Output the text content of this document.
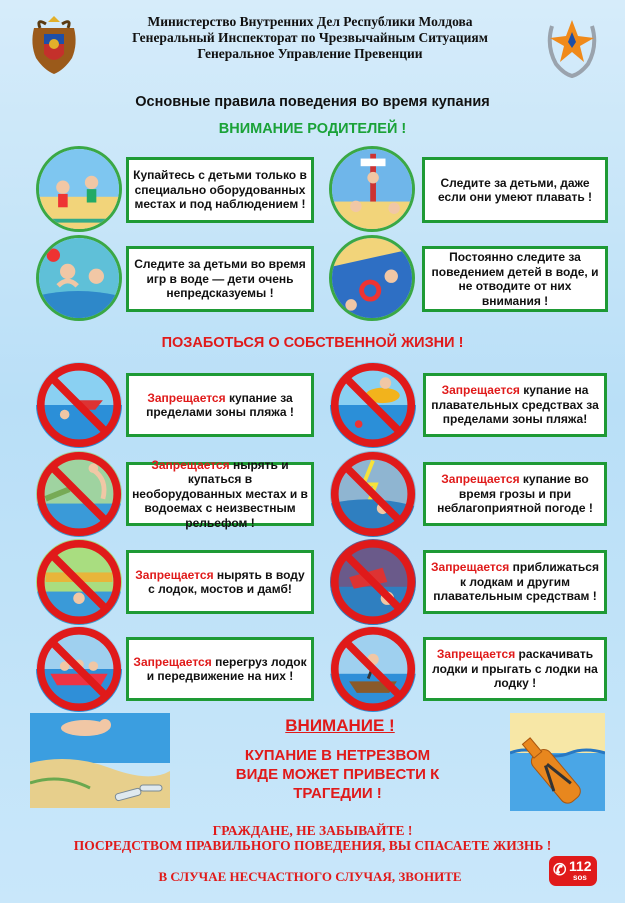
Министерство Внутренних Дел Республики Молдова
Генеральный Инспекторат по Чрезвычайным Ситуациям
Генеральное Управление Превенции
Основные правила поведения во время купания
ВНИМАНИЕ РОДИТЕЛЕЙ !
Купайтесь с детьми только в специально оборудованных местах и под наблюдением !
Следите за детьми, даже если они умеют плавать !
Следите за детьми во время игр в воде — дети очень непредсказуемы !
Постоянно следите за поведением детей в воде, и не отводите от них внимания !
ПОЗАБОТЬСЯ О СОБСТВЕННОЙ ЖИЗНИ !
Запрещается купание за пределами зоны пляжа !
Запрещается купание на плавательных средствах за пределами зоны пляжа!
Запрещается нырять и купаться в необорудованных местах и в водоемах с неизвестным рельефом !
Запрещается купание во время грозы и при неблагоприятной погоде !
Запрещается нырять в воду с лодок, мостов и дамб!
Запрещается приближаться к лодкам и другим плавательным средствам !
Запрещается перегруз лодок и передвижение на них !
Запрещается раскачивать лодки и прыгать с лодки на лодку !
ВНИМАНИЕ !
КУПАНИЕ В НЕТРЕЗВОМ ВИДЕ МОЖЕТ ПРИВЕСТИ К ТРАГЕДИИ !
ГРАЖДАНЕ, НЕ ЗАБЫВАЙТЕ !
ПОСРЕДСТВОМ ПРАВИЛЬНОГО ПОВЕДЕНИЯ, ВЫ СПАСАЕТЕ ЖИЗНЬ !
В СЛУЧАЕ НЕСЧАСТНОГО СЛУЧАЯ, ЗВОНИТЕ	✆ 112
sos
